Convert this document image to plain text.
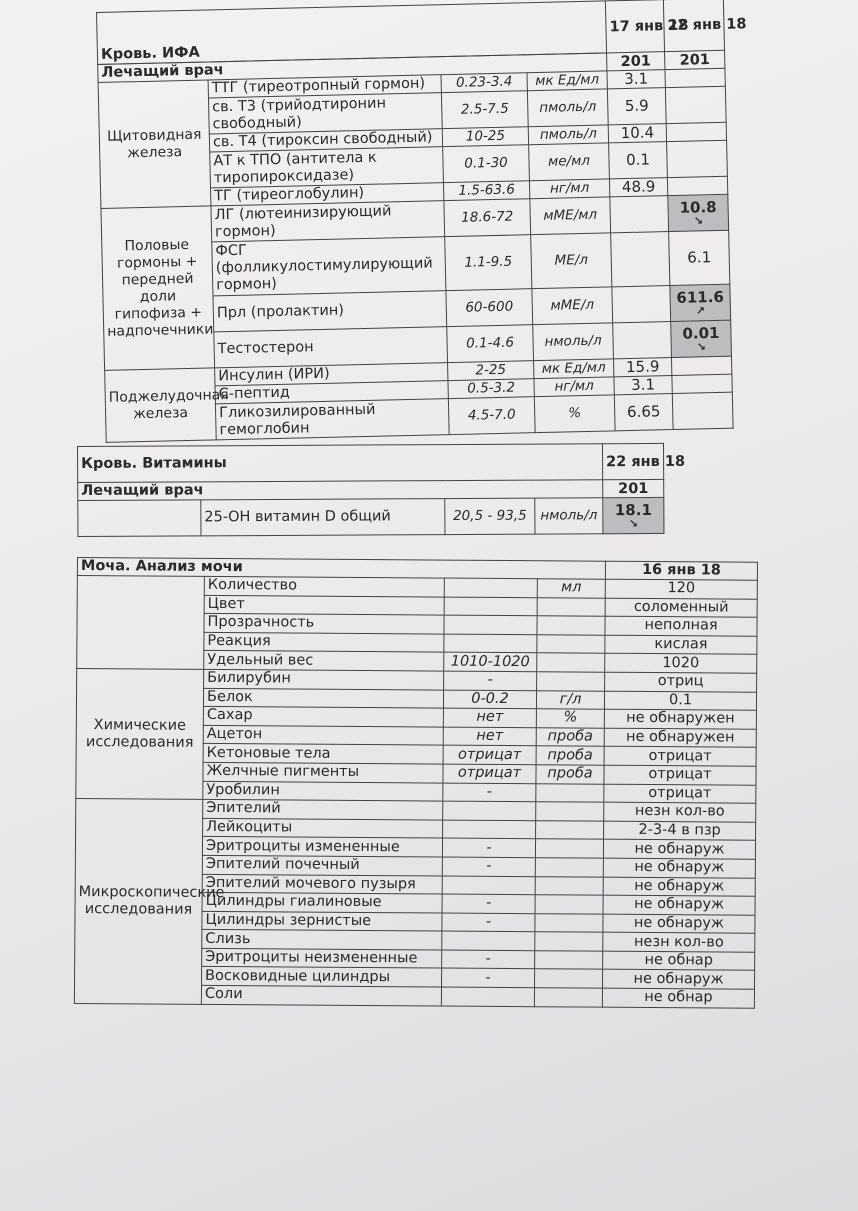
Кровь. ИФА				17 янв 18	22 янв 18

Лечащий врач				201	201
Щитовидная железа	ТТГ (тиреотропный гормон)	0.23-3.4	мк Ед/мл	3.1	
	св. Т3 (трийодтиронин свободный)	2.5-7.5	пмоль/л	5.9	
	св. Т4 (тироксин свободный)	10-25	пмоль/л	10.4	
	АТ к ТПО (антитела к тиропироксидазе)	0.1-30	ме/мл	0.1	
	ТГ (тиреоглобулин)	1.5-63.6	нг/мл	48.9	
Половые гормоны + передней доли гипофиза + надпочечники	ЛГ (лютеинизирующий гормон)	18.6-72	мМЕ/мл		10.8
↘

	ФСГ (фолликулостимулирующий гормон)	1.1-9.5	МЕ/л		6.1
	Прл (пролактин)	60-600	мМЕ/л		611.6
↗

	Тестостерон	0.1-4.6	нмоль/л		0.01
↘

Поджелудочная железа	Инсулин (ИРИ)	2-25	мк Ед/мл	15.9	
	С-пептид	0.5-3.2	нг/мл	3.1	
	Гликозилированный гемоглобин	4.5-7.0	%	6.65	
Кровь. Витамины				22 янв 18
Лечащий врач				201
	25-ОН витамин D общий	20,5 - 93,5	нмоль/л	18.1
↘
Моча. Анализ мочи				16 янв 18
	Количество		мл	120
	Цвет			соломенный
	Прозрачность			неполная
	Реакция			кислая
	Удельный вес	1010-1020		1020
Химические исследования	Билирубин	-		отриц
	Белок	0-0.2	г/л	0.1
	Сахар	нет	%	не обнаружен
	Ацетон	нет	проба	не обнаружен
	Кетоновые тела	отрицат	проба	отрицат
	Желчные пигменты	отрицат	проба	отрицат
	Уробилин	-		отрицат
Микроскопические исследования	Эпителий			незн кол-во
	Лейкоциты			2-3-4 в пзр
	Эритроциты измененные	-		не обнаруж
	Эпителий почечный	-		не обнаруж
	Эпителий мочевого пузыря			не обнаруж
	Цилиндры гиалиновые	-		не обнаруж
	Цилиндры зернистые	-		не обнаруж
	Слизь			незн кол-во
	Эритроциты неизмененные	-		не обнар
	Восковидные цилиндры	-		не обнаруж
	Соли			не обнар
